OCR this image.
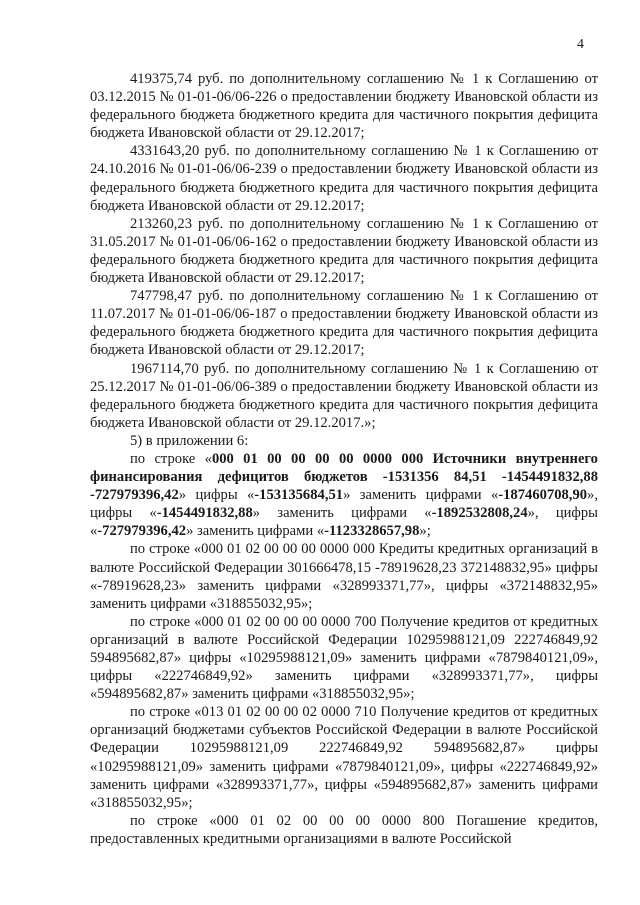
4

419375,74 руб. по дополнительному соглашению № 1 к Соглашению от 03.12.2015 № 01-01-06/06-226 о предоставлении бюджету Ивановской области из федерального бюджета бюджетного кредита для частичного покрытия дефицита бюджета Ивановской области от 29.12.2017;

4331643,20 руб. по дополнительному соглашению № 1 к Соглашению от 24.10.2016 № 01-01-06/06-239 о предоставлении бюджету Ивановской области из федерального бюджета бюджетного кредита для частичного покрытия дефицита бюджета Ивановской области от 29.12.2017;

213260,23 руб. по дополнительному соглашению № 1 к Соглашению от 31.05.2017 № 01-01-06/06-162 о предоставлении бюджету Ивановской области из федерального бюджета бюджетного кредита для частичного покрытия дефицита бюджета Ивановской области от 29.12.2017;

747798,47 руб. по дополнительному соглашению № 1 к Соглашению от 11.07.2017 № 01-01-06/06-187 о предоставлении бюджету Ивановской области из федерального бюджета бюджетного кредита для частичного покрытия дефицита бюджета Ивановской области от 29.12.2017;

1967114,70 руб. по дополнительному соглашению № 1 к Соглашению от 25.12.2017 № 01-01-06/06-389 о предоставлении бюджету Ивановской области из федерального бюджета бюджетного кредита для частичного покрытия дефицита бюджета Ивановской области от 29.12.2017.»;

5) в приложении 6:

по строке «000 01 00 00 00 00 0000 000 Источники внутреннего финансирования дефицитов бюджетов -1531356 84,51 -1454491832,88 -727979396,42» цифры «-153135684,51» заменить цифрами «-187460708,90», цифры «-1454491832,88» заменить цифрами «-1892532808,24», цифры «-727979396,42» заменить цифрами «-1123328657,98»;

по строке «000 01 02 00 00 00 0000 000 Кредиты кредитных организаций в валюте Российской Федерации 301666478,15 -78919628,23 372148832,95» цифры «-78919628,23» заменить цифрами «328993371,77», цифры «372148832,95» заменить цифрами «318855032,95»;

по строке «000 01 02 00 00 00 0000 700 Получение кредитов от кредитных организаций в валюте Российской Федерации 10295988121,09 222746849,92 594895682,87» цифры «10295988121,09» заменить цифрами «7879840121,09», цифры «222746849,92» заменить цифрами «328993371,77», цифры «594895682,87» заменить цифрами «318855032,95»;

по строке «013 01 02 00 00 02 0000 710 Получение кредитов от кредитных организаций бюджетами субъектов Российской Федерации в валюте Российской Федерации 10295988121,09 222746849,92 594895682,87» цифры «10295988121,09» заменить цифрами «7879840121,09», цифры «222746849,92» заменить цифрами «328993371,77», цифры «594895682,87» заменить цифрами «318855032,95»;

по строке «000 01 02 00 00 00 0000 800 Погашение кредитов, предоставленных кредитными организациями в валюте Российской
